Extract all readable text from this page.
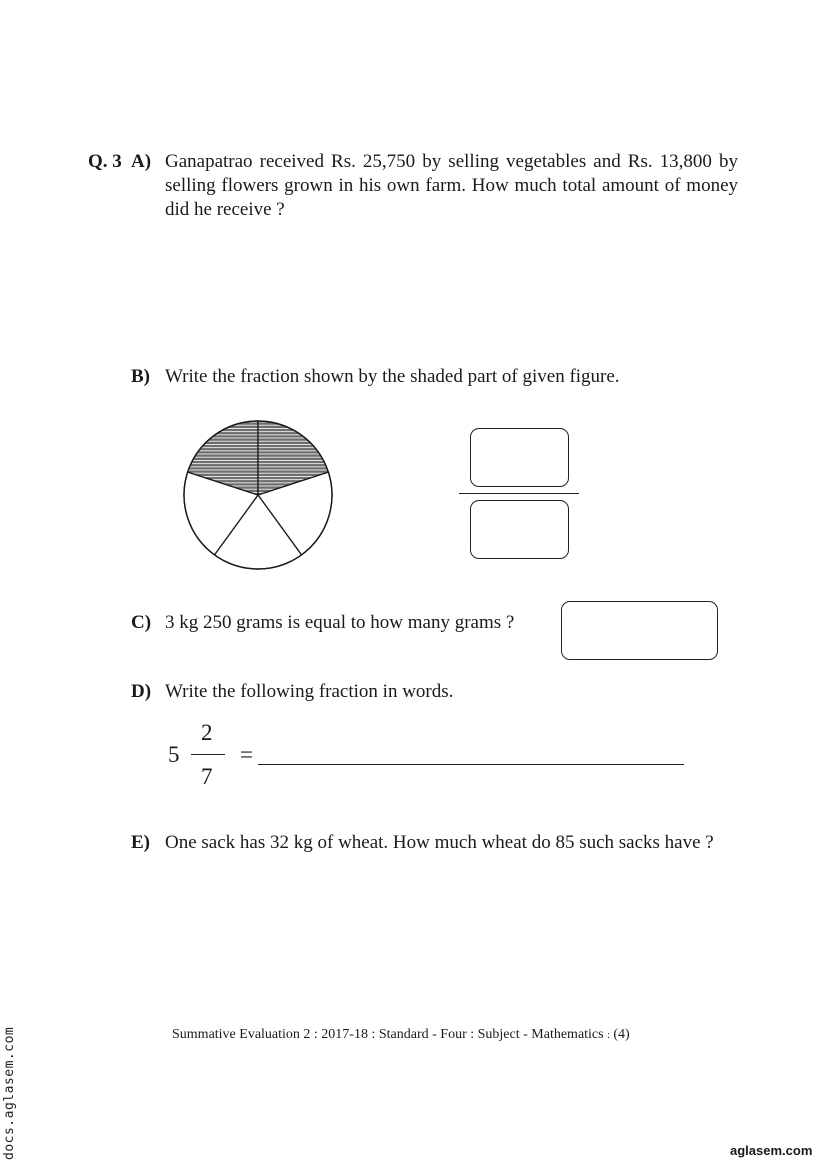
Q. 3 A) Ganapatrao received Rs. 25,750 by selling vegetables and Rs. 13,800 by selling flowers grown in his own farm. How much total amount of money did he receive ?
B) Write the fraction shown by the shaded part of given figure.
C) 3 kg 250 grams is equal to how many grams ?
D) Write the following fraction in words.
5
2
7
=
E) One sack has 32 kg of wheat. How much wheat do 85 such sacks have ?
Summative Evaluation 2 : 2017-18 : Standard - Four : Subject - Mathematics : (4)
docs.aglasem.com	aglasem.com
